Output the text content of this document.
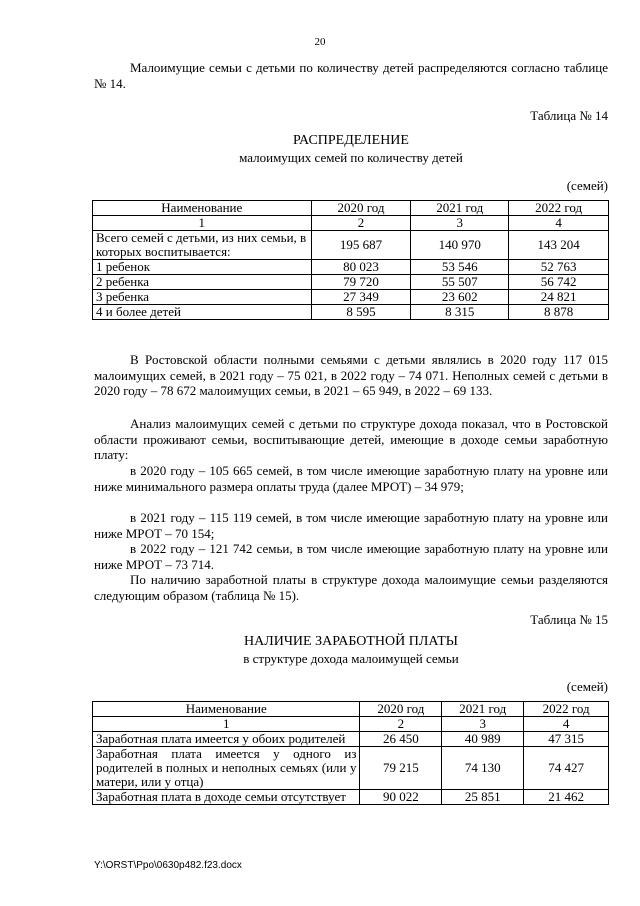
20
Малоимущие семьи с детьми по количеству детей распределяются согласно таблице № 14.
Таблица № 14
РАСПРЕДЕЛЕНИЕ
малоимущих семей по количеству детей
(семей)
Наименование	2020 год	2021 год	2022 год
1	2	3	4
Всего семей с детьми, из них семьи, в которых воспитывается:	195 687	140 970	143 204
1 ребенок	80 023	53 546	52 763
2 ребенка	79 720	55 507	56 742
3 ребенка	27 349	23 602	24 821
4 и более детей	8 595	8 315	8 878
В Ростовской области полными семьями с детьми являлись в 2020 году 117 015 малоимущих семей, в 2021 году – 75 021, в 2022 году – 74 071. Неполных семей с детьми в 2020 году – 78 672 малоимущих семьи, в 2021 – 65 949, в 2022 – 69 133.
Анализ малоимущих семей с детьми по структуре дохода показал, что в Ростовской области проживают семьи, воспитывающие детей, имеющие в доходе семьи заработную плату:
в 2020 году – 105 665 семей, в том числе имеющие заработную плату на уровне или ниже минимального размера оплаты труда (далее МРОТ) – 34 979;
в 2021 году – 115 119 семей, в том числе имеющие заработную плату на уровне или ниже МРОТ – 70 154;
в 2022 году – 121 742 семьи, в том числе имеющие заработную плату на уровне или ниже МРОТ – 73 714.
По наличию заработной платы в структуре дохода малоимущие семьи разделяются следующим образом (таблица № 15).
Таблица № 15
НАЛИЧИЕ ЗАРАБОТНОЙ ПЛАТЫ
в структуре дохода малоимущей семьи
(семей)
Наименование	2020 год	2021 год	2022 год
1	2	3	4
Заработная плата имеется у обоих родителей	26 450	40 989	47 315
Заработная плата имеется у одного из родителей в полных и неполных семьях (или у матери, или у отца)	79 215	74 130	74 427
Заработная плата в доходе семьи отсутствует	90 022	25 851	21 462
Y:\ORST\Ppo\0630p482.f23.docx
